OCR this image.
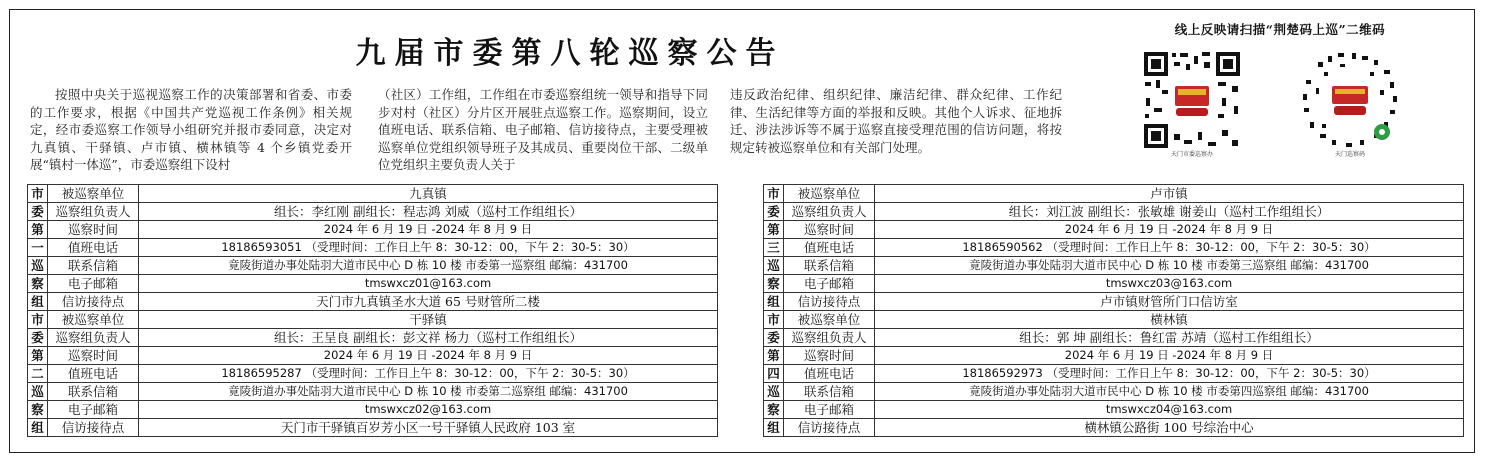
九届市委第八轮巡察公告
按照中央关于巡视巡察工作的决策部署和省委、市委的工作要求，根据《中国共产党巡视工作条例》相关规定，经市委巡察工作领导小组研究并报市委同意，决定对九真镇、干驿镇、卢市镇、横林镇等 4 个乡镇党委开展“镇村一体巡”，市委巡察组下设村
（社区）工作组，工作组在市委巡察组统一领导和指导下同步对村（社区）分片区开展驻点巡察工作。巡察期间，设立值班电话、联系信箱、电子邮箱、信访接待点，主要受理被巡察单位党组织领导班子及其成员、重要岗位干部、二级单位党组织主要负责人关于
违反政治纪律、组织纪律、廉洁纪律、群众纪律、工作纪律、生活纪律等方面的举报和反映。其他个人诉求、征地拆迁、涉法涉诉等不属于巡察直接受理范围的信访问题，将按规定转被巡察单位和有关部门处理。
线上反映请扫描“荆楚码上巡”二维码
天门市委巡察办	天门巡察码
市	被巡察单位	九真镇
委	巡察组负责人	组长：李红刚 副组长：程志鸿 刘威（巡村工作组组长）
第	巡察时间	2024 年 6 月 19 日 -2024 年 8 月 9 日
一	值班电话	18186593051 （受理时间：工作日上午 8：30-12：00，下午 2：30-5：30）
巡	联系信箱	竟陵街道办事处陆羽大道市民中心 D 栋 10 楼 市委第一巡察组 邮编：431700
察	电子邮箱	tmswxcz01@163.com
组	信访接待点	天门市九真镇圣水大道 65 号财管所二楼
市	被巡察单位	干驿镇
委	巡察组负责人	组长：王呈良 副组长：彭文祥 杨力（巡村工作组组长）
第	巡察时间	2024 年 6 月 19 日 -2024 年 8 月 9 日
二	值班电话	18186595287 （受理时间：工作日上午 8：30-12：00，下午 2：30-5：30）
巡	联系信箱	竟陵街道办事处陆羽大道市民中心 D 栋 10 楼 市委第二巡察组 邮编：431700
察	电子邮箱	tmswxcz02@163.com
组	信访接待点	天门市干驿镇百岁芳小区一号干驿镇人民政府 103 室
市	被巡察单位	卢市镇
委	巡察组负责人	组长：刘江波 副组长：张敏雄 谢姜山（巡村工作组组长）
第	巡察时间	2024 年 6 月 19 日 -2024 年 8 月 9 日
三	值班电话	18186590562 （受理时间：工作日上午 8：30-12：00，下午 2：30-5：30）
巡	联系信箱	竟陵街道办事处陆羽大道市民中心 D 栋 10 楼 市委第三巡察组 邮编：431700
察	电子邮箱	tmswxcz03@163.com
组	信访接待点	卢市镇财管所门口信访室
市	被巡察单位	横林镇
委	巡察组负责人	组长：郭 坤 副组长：鲁红雷 苏靖（巡村工作组组长）
第	巡察时间	2024 年 6 月 19 日 -2024 年 8 月 9 日
四	值班电话	18186592973 （受理时间：工作日上午 8：30-12：00，下午 2：30-5：30）
巡	联系信箱	竟陵街道办事处陆羽大道市民中心 D 栋 10 楼 市委第四巡察组 邮编：431700
察	电子邮箱	tmswxcz04@163.com
组	信访接待点	横林镇公路街 100 号综治中心
